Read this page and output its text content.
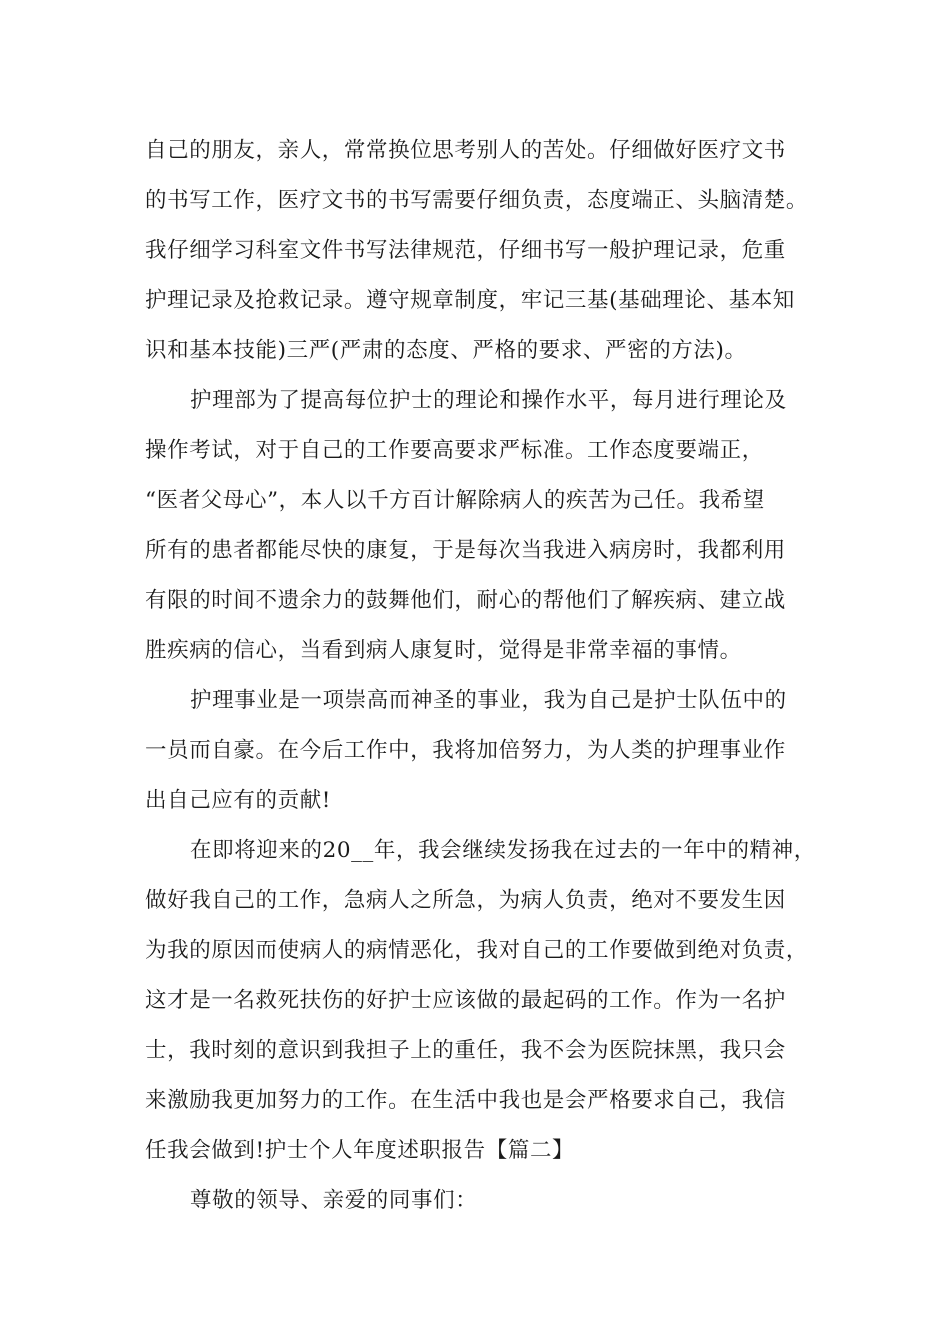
自己的朋友，亲人，常常换位思考别人的苦处。仔细做好医疗文书
的书写工作，医疗文书的书写需要仔细负责，态度端正、头脑清楚。
我仔细学习科室文件书写法律规范，仔细书写一般护理记录，危重
护理记录及抢救记录。遵守规章制度，牢记三基(基础理论、基本知
识和基本技能)三严(严肃的态度、严格的要求、严密的方法)。
护理部为了提高每位护士的理论和操作水平，每月进行理论及
操作考试，对于自己的工作要高要求严标准。工作态度要端正，
“医者父母心”，本人以千方百计解除病人的疾苦为己任。我希望
所有的患者都能尽快的康复，于是每次当我进入病房时，我都利用
有限的时间不遗余力的鼓舞他们，耐心的帮他们了解疾病、建立战
胜疾病的信心，当看到病人康复时，觉得是非常幸福的事情。
护理事业是一项崇高而神圣的事业，我为自己是护士队伍中的
一员而自豪。在今后工作中，我将加倍努力，为人类的护理事业作
出自己应有的贡献!
在即将迎来的20__年，我会继续发扬我在过去的一年中的精神，
做好我自己的工作，急病人之所急，为病人负责，绝对不要发生因
为我的原因而使病人的病情恶化，我对自己的工作要做到绝对负责，
这才是一名救死扶伤的好护士应该做的最起码的工作。作为一名护
士，我时刻的意识到我担子上的重任，我不会为医院抹黑，我只会
来激励我更加努力的工作。在生活中我也是会严格要求自己，我信
任我会做到!护士个人年度述职报告【篇二】
尊敬的领导、亲爱的同事们：
